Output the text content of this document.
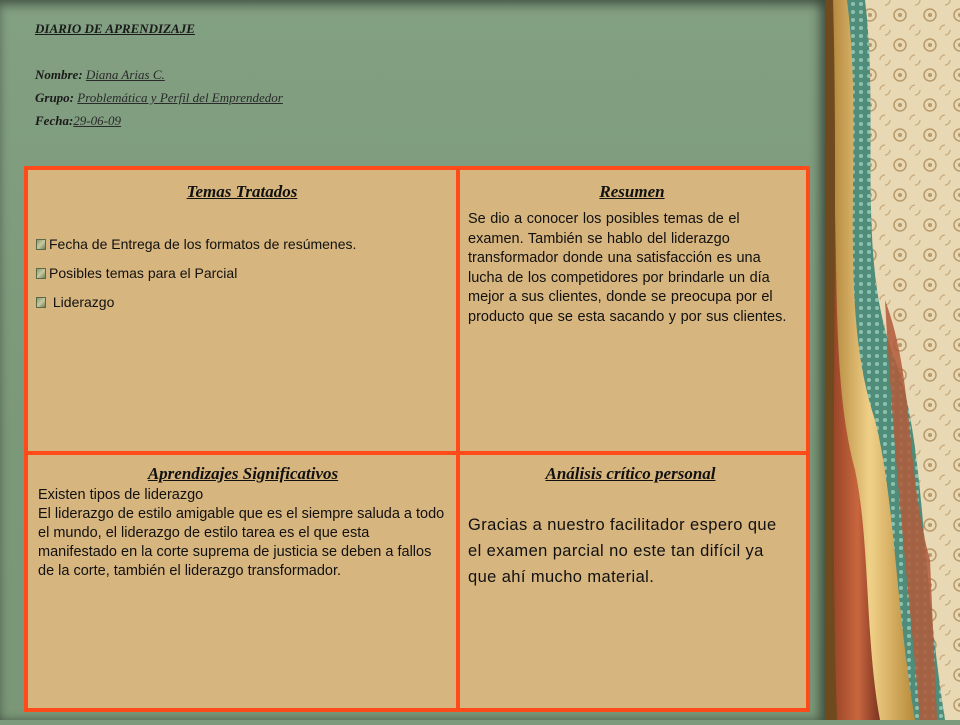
DIARIO DE APRENDIZAJE
Nombre: Diana Arias C.
Grupo: Problemática y Perfil del Emprendedor
Fecha:29-06-09
Temas Tratados
Fecha de Entrega de los formatos de resúmenes.
Posibles temas para el Parcial
Liderazgo
Resumen
Se dio a conocer los posibles temas de el examen. También se hablo del liderazgo transformador donde una satisfacción es una lucha de los competidores por brindarle un día mejor a sus clientes, donde se preocupa por el producto que se esta sacando y por sus clientes.
Aprendizajes Significativos
Existen tipos de liderazgo
El liderazgo de estilo amigable que es el siempre saluda a todo el mundo, el liderazgo de estilo tarea es el que esta manifestado en la corte suprema de justicia se deben a fallos de la corte, también el liderazgo transformador.
Análisis crítico personal
Gracias a nuestro facilitador espero que el examen parcial no este tan difícil ya que ahí mucho material.
